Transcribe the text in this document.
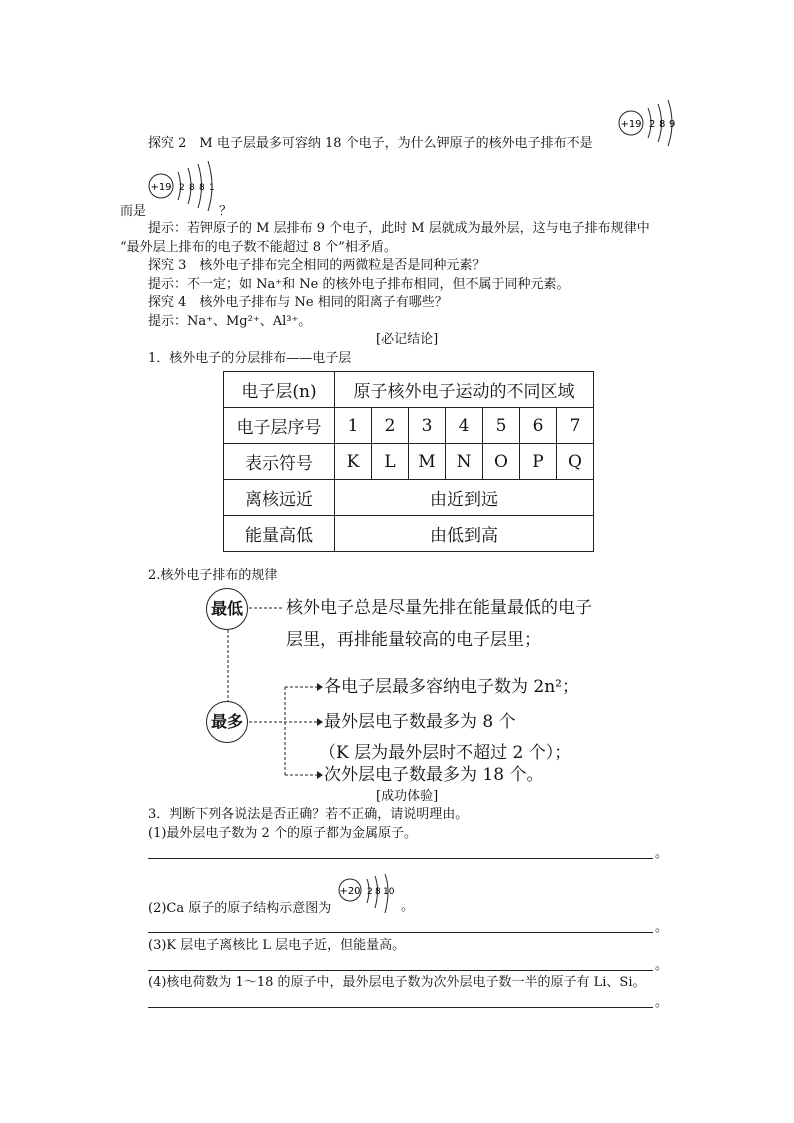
+19 2 8 9
探究 2　M 电子层最多可容纳 18 个电子，为什么钾原子的核外电子排布不是
+19 2 8 8 1
而是	？
提示：若钾原子的 M 层排布 9 个电子，此时 M 层就成为最外层，这与电子排布规律中
“最外层上排布的电子数不能超过 8 个”相矛盾。
探究 3　核外电子排布完全相同的两微粒是否是同种元素？
提示：不一定；如 Na⁺和 Ne 的核外电子排布相同，但不属于同种元素。
探究 4　核外电子排布与 Ne 相同的阳离子有哪些？
提示：Na⁺、Mg²⁺、Al³⁺。
[必记结论]
1．核外电子的分层排布——电子层
电子层(n)	原子核外电子运动的不同区域						
电子层序号	1	2	3	4	5	6	7
表示符号	K	L	M	N	O	P	Q
离核远近	由近到远						
能量高低	由低到高						
2.核外电子排布的规律
最低
最多
核外电子总是尽量先排在能量最低的电子
层里，再排能量较高的电子层里；
各电子层最多容纳电子数为 2n²；
最外层电子数最多为 8 个
（K 层为最外层时不超过 2 个）；
次外层电子数最多为 18 个。
[成功体验]
3．判断下列各说法是否正确？若不正确，请说明理由。
(1)最外层电子数为 2 个的原子都为金属原子。
。
+20 2 8 10
(2)Ca 原子的原子结构示意图为	。
。
(3)K 层电子离核比 L 层电子近，但能量高。
。
(4)核电荷数为 1～18 的原子中，最外层电子数为次外层电子数一半的原子有 Li、Si。
。
